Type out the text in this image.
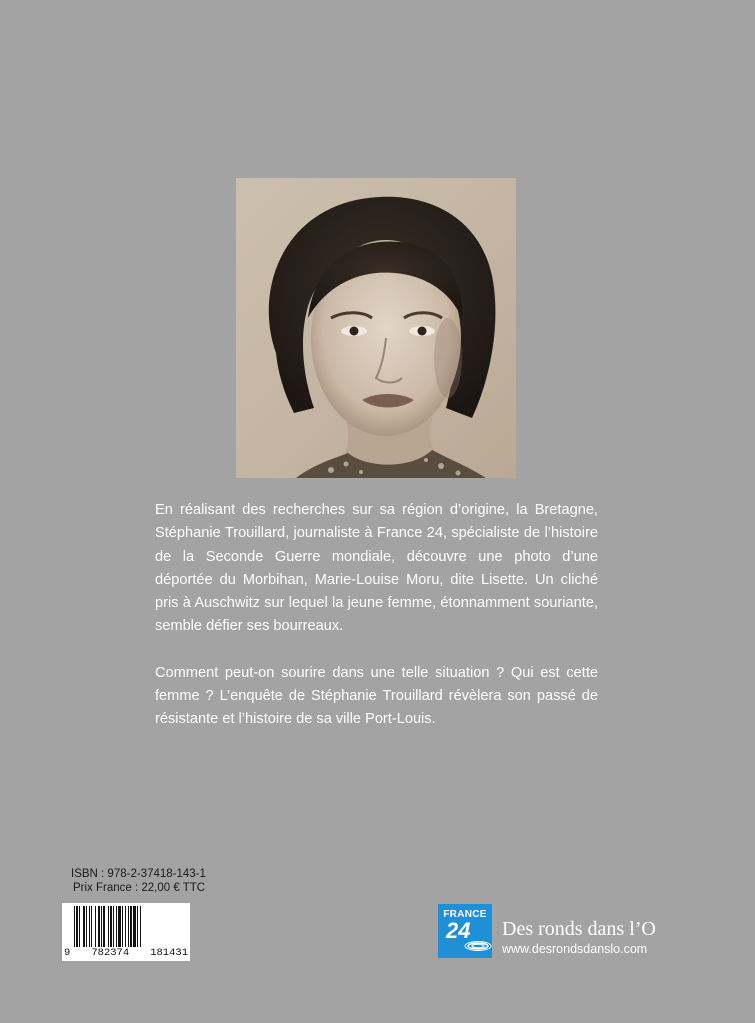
En réalisant des recherches sur sa région d’origine, la Bretagne, Stéphanie Trouillard, journaliste à France 24, spécialiste de l’histoire de la Seconde Guerre mondiale, découvre une photo d’une déportée du Morbihan, Marie-Louise Moru, dite Lisette. Un cliché pris à Auschwitz sur lequel la jeune femme, étonnamment souriante, semble défier ses bourreaux.

Comment peut-on sourire dans une telle situation ? Qui est cette femme ? L’enquête de Stéphanie Trouillard révèlera son passé de résistante et l’histoire de sa ville Port-Louis.

ISBN : 978-2-37418-143-1
Prix France : 22,00 € TTC
9 782374 181431
FRANCE
24 Des ronds dans l’O
www.desrondsdanslo.com
